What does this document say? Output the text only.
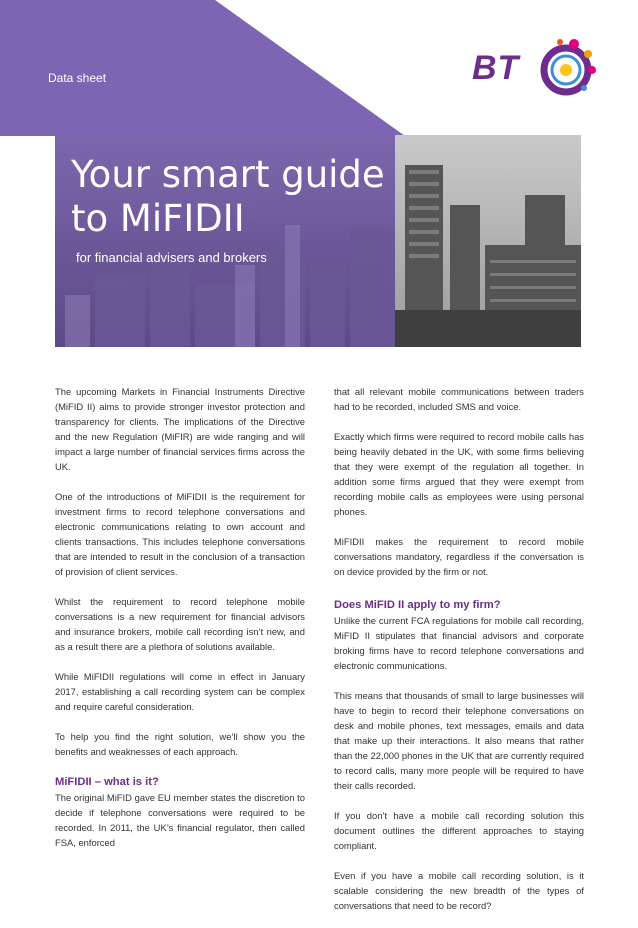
Data sheet	BT
Your smart guide
to MiFIDII
for financial advisers and brokers

The upcoming Markets in Financial Instruments Directive (MiFID II) aims to provide stronger investor protection and transparency for clients. The implications of the Directive and the new Regulation (MiFIR) are wide ranging and will impact a large number of financial services firms across the UK.

One of the introductions of MiFIDII is the requirement for investment firms to record telephone conversations and electronic communications relating to own account and clients transactions. This includes telephone conversations that are intended to result in the conclusion of a transaction of provision of client services.

Whilst the requirement to record telephone mobile conversations is a new requirement for financial advisors and insurance brokers, mobile call recording isn’t new, and as a result there are a plethora of solutions available.

While MiFIDII regulations will come in effect in January 2017, establishing a call recording system can be complex and require careful consideration.

To help you find the right solution, we’ll show you the benefits and weaknesses of each approach.

MiFIDII – what is it?

The original MiFID gave EU member states the discretion to decide if telephone conversations were required to be recorded. In 2011, the UK’s financial regulator, then called FSA, enforced

that all relevant mobile communications between traders had to be recorded, included SMS and voice.

Exactly which firms were required to record mobile calls has being heavily debated in the UK, with some firms believing that they were exempt of the regulation all together. In addition some firms argued that they were exempt from recording mobile calls as employees were using personal phones.

MiFIDII makes the requirement to record mobile conversations mandatory, regardless if the conversation is on device provided by the firm or not.

Does MiFID II apply to my firm?

Unlike the current FCA regulations for mobile call recording, MiFID II stipulates that financial advisors and corporate broking firms have to record telephone conversations and electronic communications.

This means that thousands of small to large businesses will have to begin to record their telephone conversations on desk and mobile phones, text messages, emails and data that make up their interactions. It also means that rather than the 22,000 phones in the UK that are currently required to record calls, many more people will be required to have their calls recorded.

If you don’t have a mobile call recording solution this document outlines the different approaches to staying compliant.

Even if you have a mobile call recording solution, is it scalable considering the new breadth of the types of conversations that need to be record?
